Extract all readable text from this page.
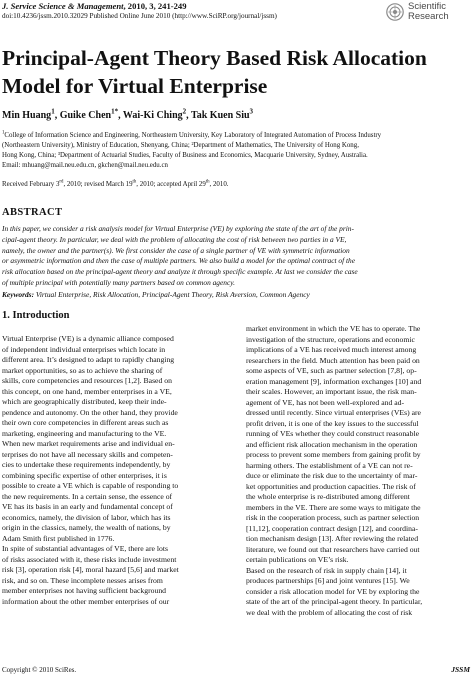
J. Service Science & Management, 2010, 3, 241-249
doi:10.4236/jssm.2010.32029 Published Online June 2010 (http://www.SciRP.org/journal/jssm)
Scientific
Research
Principal-Agent Theory Based Risk Allocation
Model for Virtual Enterprise
Min Huang$^1$, Guike Chen$^{1*}$, Wai-Ki Ching$^2$, Tak Kuen Siu$^3$

$^1$College of Information Science and Engineering, Northeastern University, Key Laboratory of Integrated Automation of Process Industry

(Northeastern University), Ministry of Education, Shenyang, China; ²Department of Mathematics, The University of Hong Kong,

Hong Kong, China; ³Department of Actuarial Studies, Faculty of Business and Economics, Macquarie University, Sydney, Australia.

Email: mhuang@mail.neu.edu.cn, gkchen@mail.neu.edu.cn

Received February 3rd, 2010; revised March 19th, 2010; accepted April 29th, 2010.
ABSTRACT

In this paper, we consider a risk analysis model for Virtual Enterprise (VE) by exploring the state of the art of the prin-

cipal-agent theory. In particular, we deal with the problem of allocating the cost of risk between two parties in a VE,

namely, the owner and the partner(s). We first consider the case of a single partner of VE with symmetric information

or asymmetric information and then the case of multiple partners. We also build a model for the optimal contract of the

risk allocation based on the principal-agent theory and analyze it through specific example. At last we consider the case

of multiple principal with potentially many partners based on common agency.

Keywords: Virtual Enterprise, Risk Allocation, Principal-Agent Theory, Risk Aversion, Common Agency
1. Introduction

Virtual Enterprise (VE) is a dynamic alliance composed

of independent individual enterprises which locate in

different area. It’s designed to adapt to rapidly changing

market opportunities, so as to achieve the sharing of

skills, core competencies and resources [1,2]. Based on

this concept, on one hand, member enterprises in a VE,

which are geographically distributed, keep their inde-

pendence and autonomy. On the other hand, they provide

their own core competencies in different areas such as

marketing, engineering and manufacturing to the VE.

When new market requirements arise and individual en-

terprises do not have all necessary skills and competen-

cies to undertake these requirements independently, by

combining specific expertise of other enterprises, it is

possible to create a VE which is capable of responding to

the new requirements. In a certain sense, the essence of

VE has its basis in an early and fundamental concept of

economics, namely, the division of labor, which has its

origin in the classics, namely, the wealth of nations, by

Adam Smith first published in 1776.

In spite of substantial advantages of VE, there are lots

of risks associated with it, these risks include investment

risk [3], operation risk [4], moral hazard [5,6] and market

risk, and so on. These incomplete nesses arises from

member enterprises not having sufficient background

information about the other member enterprises of our

market environment in which the VE has to operate. The

investigation of the structure, operations and economic

implications of a VE has received much interest among

researchers in the field. Much attention has been paid on

some aspects of VE, such as partner selection [7,8], op-

eration management [9], information exchanges [10] and

their scales. However, an important issue, the risk man-

agement of VE, has not been well-explored and ad-

dressed until recently. Since virtual enterprises (VEs) are

profit driven, it is one of the key issues to the successful

running of VEs whether they could construct reasonable

and efficient risk allocation mechanism in the operation

process to prevent some members from gaining profit by

harming others. The establishment of a VE can not re-

duce or eliminate the risk due to the uncertainty of mar-

ket opportunities and production capacities. The risk of

the whole enterprise is re-distributed among different

members in the VE. There are some ways to mitigate the

risk in the cooperation process, such as partner selection

[11,12], cooperation contract design [12], and coordina-

tion mechanism design [13]. After reviewing the related

literature, we found out that researchers have carried out

certain publications on VE’s risk.

Based on the research of risk in supply chain [14], it

produces partnerships [6] and joint ventures [15]. We

consider a risk allocation model for VE by exploring the

state of the art of the principal-agent theory. In particular,

we deal with the problem of allocating the cost of risk

Copyright © 2010 SciRes.	JSSM
